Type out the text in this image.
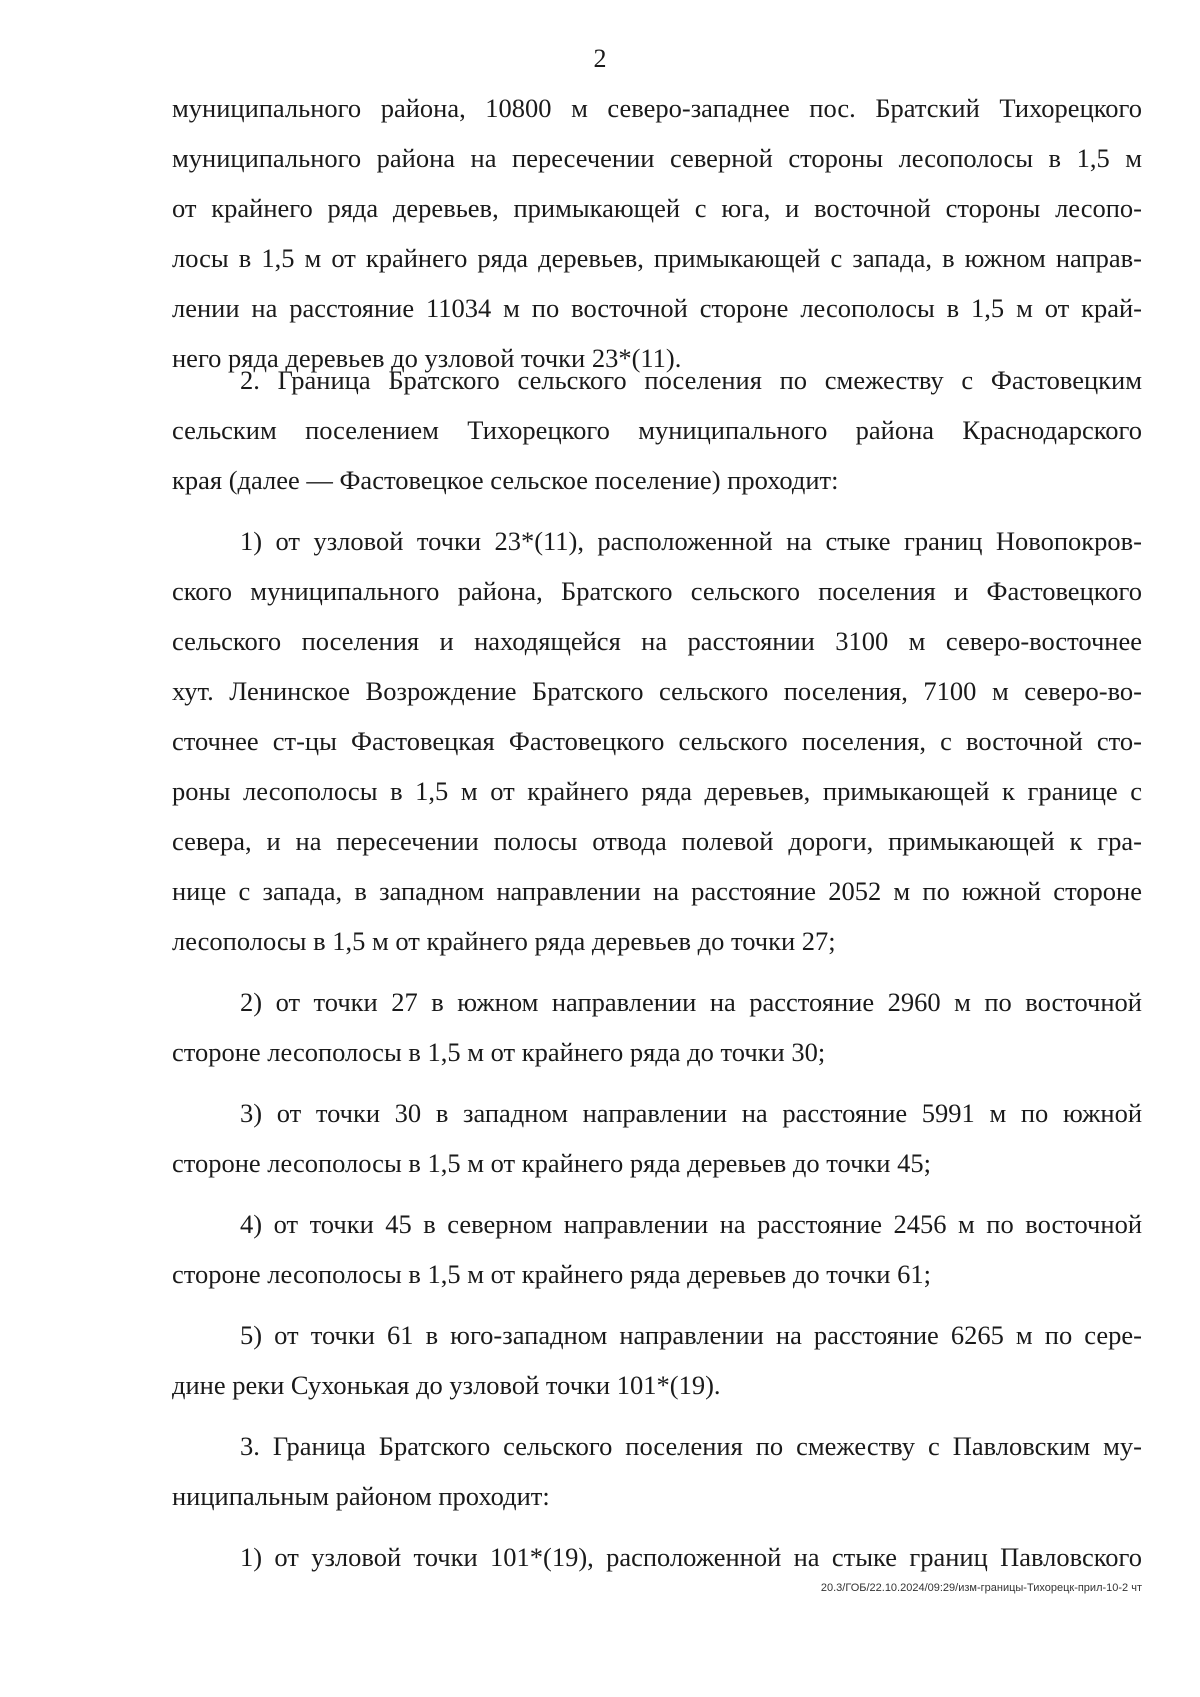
2
муниципального района, 10800 м северо-западнее пос. Братский Тихорецкого
муниципального района на пересечении северной стороны лесополосы в 1,5 м
от крайнего ряда деревьев, примыкающей с юга, и восточной стороны лесопо-
лосы в 1,5 м от крайнего ряда деревьев, примыкающей с запада, в южном направ-
лении на расстояние 11034 м по восточной стороне лесополосы в 1,5 м от край-
него ряда деревьев до узловой точки 23*(11).
2. Граница Братского сельского поселения по смежеству с Фастовецким
сельским поселением Тихорецкого муниципального района Краснодарского
края (далее — Фастовецкое сельское поселение) проходит:
1) от узловой точки 23*(11), расположенной на стыке границ Новопокров-
ского муниципального района, Братского сельского поселения и Фастовецкого
сельского поселения и находящейся на расстоянии 3100 м северо-восточнее
хут. Ленинское Возрождение Братского сельского поселения, 7100 м северо-во-
сточнее ст-цы Фастовецкая Фастовецкого сельского поселения, с восточной сто-
роны лесополосы в 1,5 м от крайнего ряда деревьев, примыкающей к границе с
севера, и на пересечении полосы отвода полевой дороги, примыкающей к гра-
нице с запада, в западном направлении на расстояние 2052 м по южной стороне
лесополосы в 1,5 м от крайнего ряда деревьев до точки 27;
2) от точки 27 в южном направлении на расстояние 2960 м по восточной
стороне лесополосы в 1,5 м от крайнего ряда до точки 30;
3) от точки 30 в западном направлении на расстояние 5991 м по южной
стороне лесополосы в 1,5 м от крайнего ряда деревьев до точки 45;
4) от точки 45 в северном направлении на расстояние 2456 м по восточной
стороне лесополосы в 1,5 м от крайнего ряда деревьев до точки 61;
5) от точки 61 в юго-западном направлении на расстояние 6265 м по сере-
дине реки Сухонькая до узловой точки 101*(19).
3. Граница Братского сельского поселения по смежеству с Павловским му-
ниципальным районом проходит:
1) от узловой точки 101*(19), расположенной на стыке границ Павловского
20.3/ГОБ/22.10.2024/09:29/изм-границы-Тихорецк-прил-10-2 чт
